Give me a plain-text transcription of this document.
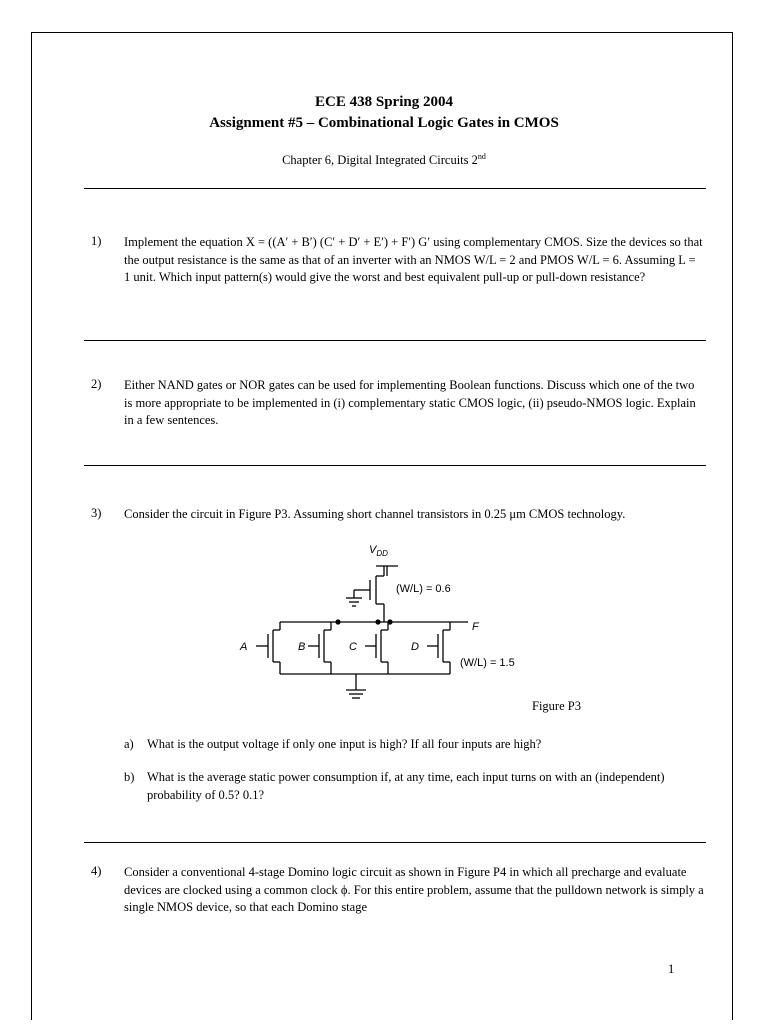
ECE 438 Spring 2004
Assignment #5 – Combinational Logic Gates in CMOS
Chapter 6, Digital Integrated Circuits 2nd
1) Implement the equation X = ((A′ + B′) (C′ + D′ + E′) + F′) G′ using complementary CMOS. Size the devices so that the output resistance is the same as that of an inverter with an NMOS W/L = 2 and PMOS W/L = 6. Assuming L = 1 unit. Which input pattern(s) would give the worst and best equivalent pull-up or pull-down resistance?
2) Either NAND gates or NOR gates can be used for implementing Boolean functions. Discuss which one of the two is more appropriate to be implemented in (i) complementary static CMOS logic, (ii) pseudo-NMOS logic. Explain in a few sentences.
3) Consider the circuit in Figure P3. Assuming short channel transistors in 0.25 μm CMOS technology.
$V_{DD}$
(W/L) = 0.6
F
(W/L) = 1.5
A	B	C	D
Figure P3
a) What is the output voltage if only one input is high? If all four inputs are high?
b) What is the average static power consumption if, at any time, each input turns on with an (independent) probability of 0.5? 0.1?
4) Consider a conventional 4-stage Domino logic circuit as shown in Figure P4 in which all precharge and evaluate devices are clocked using a common clock ϕ. For this entire problem, assume that the pulldown network is simply a single NMOS device, so that each Domino stage
1
